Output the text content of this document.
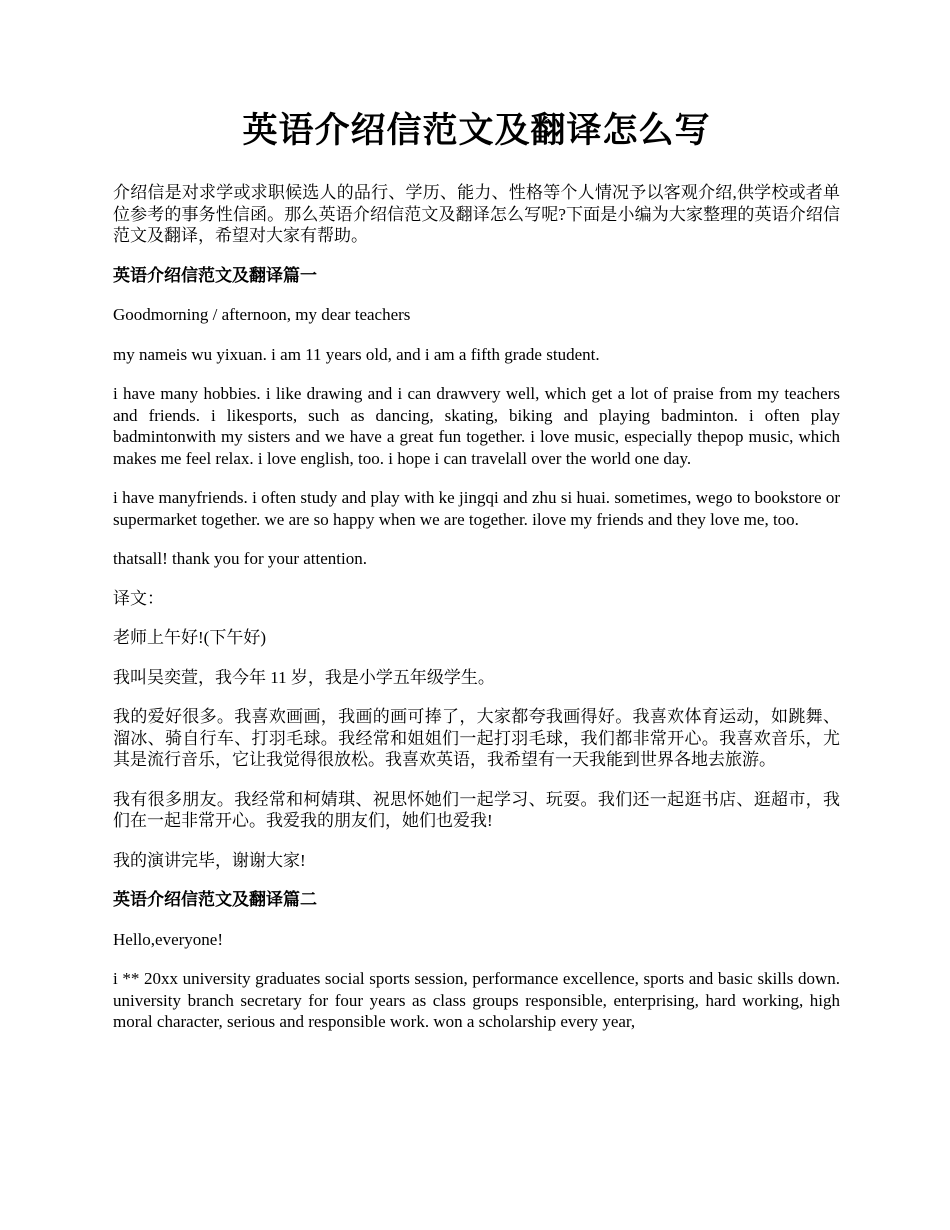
英语介绍信范文及翻译怎么写

介绍信是对求学或求职候选人的品行、学历、能力、性格等个人情况予以客观介绍,供学校或者单位参考的事务性信函。那么英语介绍信范文及翻译怎么写呢?下面是小编为大家整理的英语介绍信范文及翻译，希望对大家有帮助。

英语介绍信范文及翻译篇一

Goodmorning / afternoon, my dear teachers

my nameis wu yixuan. i am 11 years old, and i am a fifth grade student.

i have many hobbies. i like drawing and i can drawvery well, which get a lot of praise from my teachers and friends. i likesports, such as dancing, skating, biking and playing badminton. i often play badmintonwith my sisters and we have a great fun together. i love music, especially thepop music, which makes me feel relax. i love english, too. i hope i can travelall over the world one day.

i have manyfriends. i often study and play with ke jingqi and zhu si huai. sometimes, wego to bookstore or supermarket together. we are so happy when we are together. ilove my friends and they love me, too.

thatsall! thank you for your attention.

译文：

老师上午好!(下午好)

我叫吴奕萱，我今年 11 岁，我是小学五年级学生。

我的爱好很多。我喜欢画画，我画的画可捧了，大家都夸我画得好。我喜欢体育运动，如跳舞、溜冰、骑自行车、打羽毛球。我经常和姐姐们一起打羽毛球，我们都非常开心。我喜欢音乐，尤其是流行音乐，它让我觉得很放松。我喜欢英语，我希望有一天我能到世界各地去旅游。

我有很多朋友。我经常和柯婧琪、祝思怀她们一起学习、玩耍。我们还一起逛书店、逛超市，我们在一起非常开心。我爱我的朋友们，她们也爱我!

我的演讲完毕，谢谢大家!

英语介绍信范文及翻译篇二

Hello,everyone!

i ** 20xx university graduates social sports session, performance excellence, sports and basic skills down. university branch secretary for four years as class groups responsible, enterprising, hard working, high moral character, serious and responsible work. won a scholarship every year,
